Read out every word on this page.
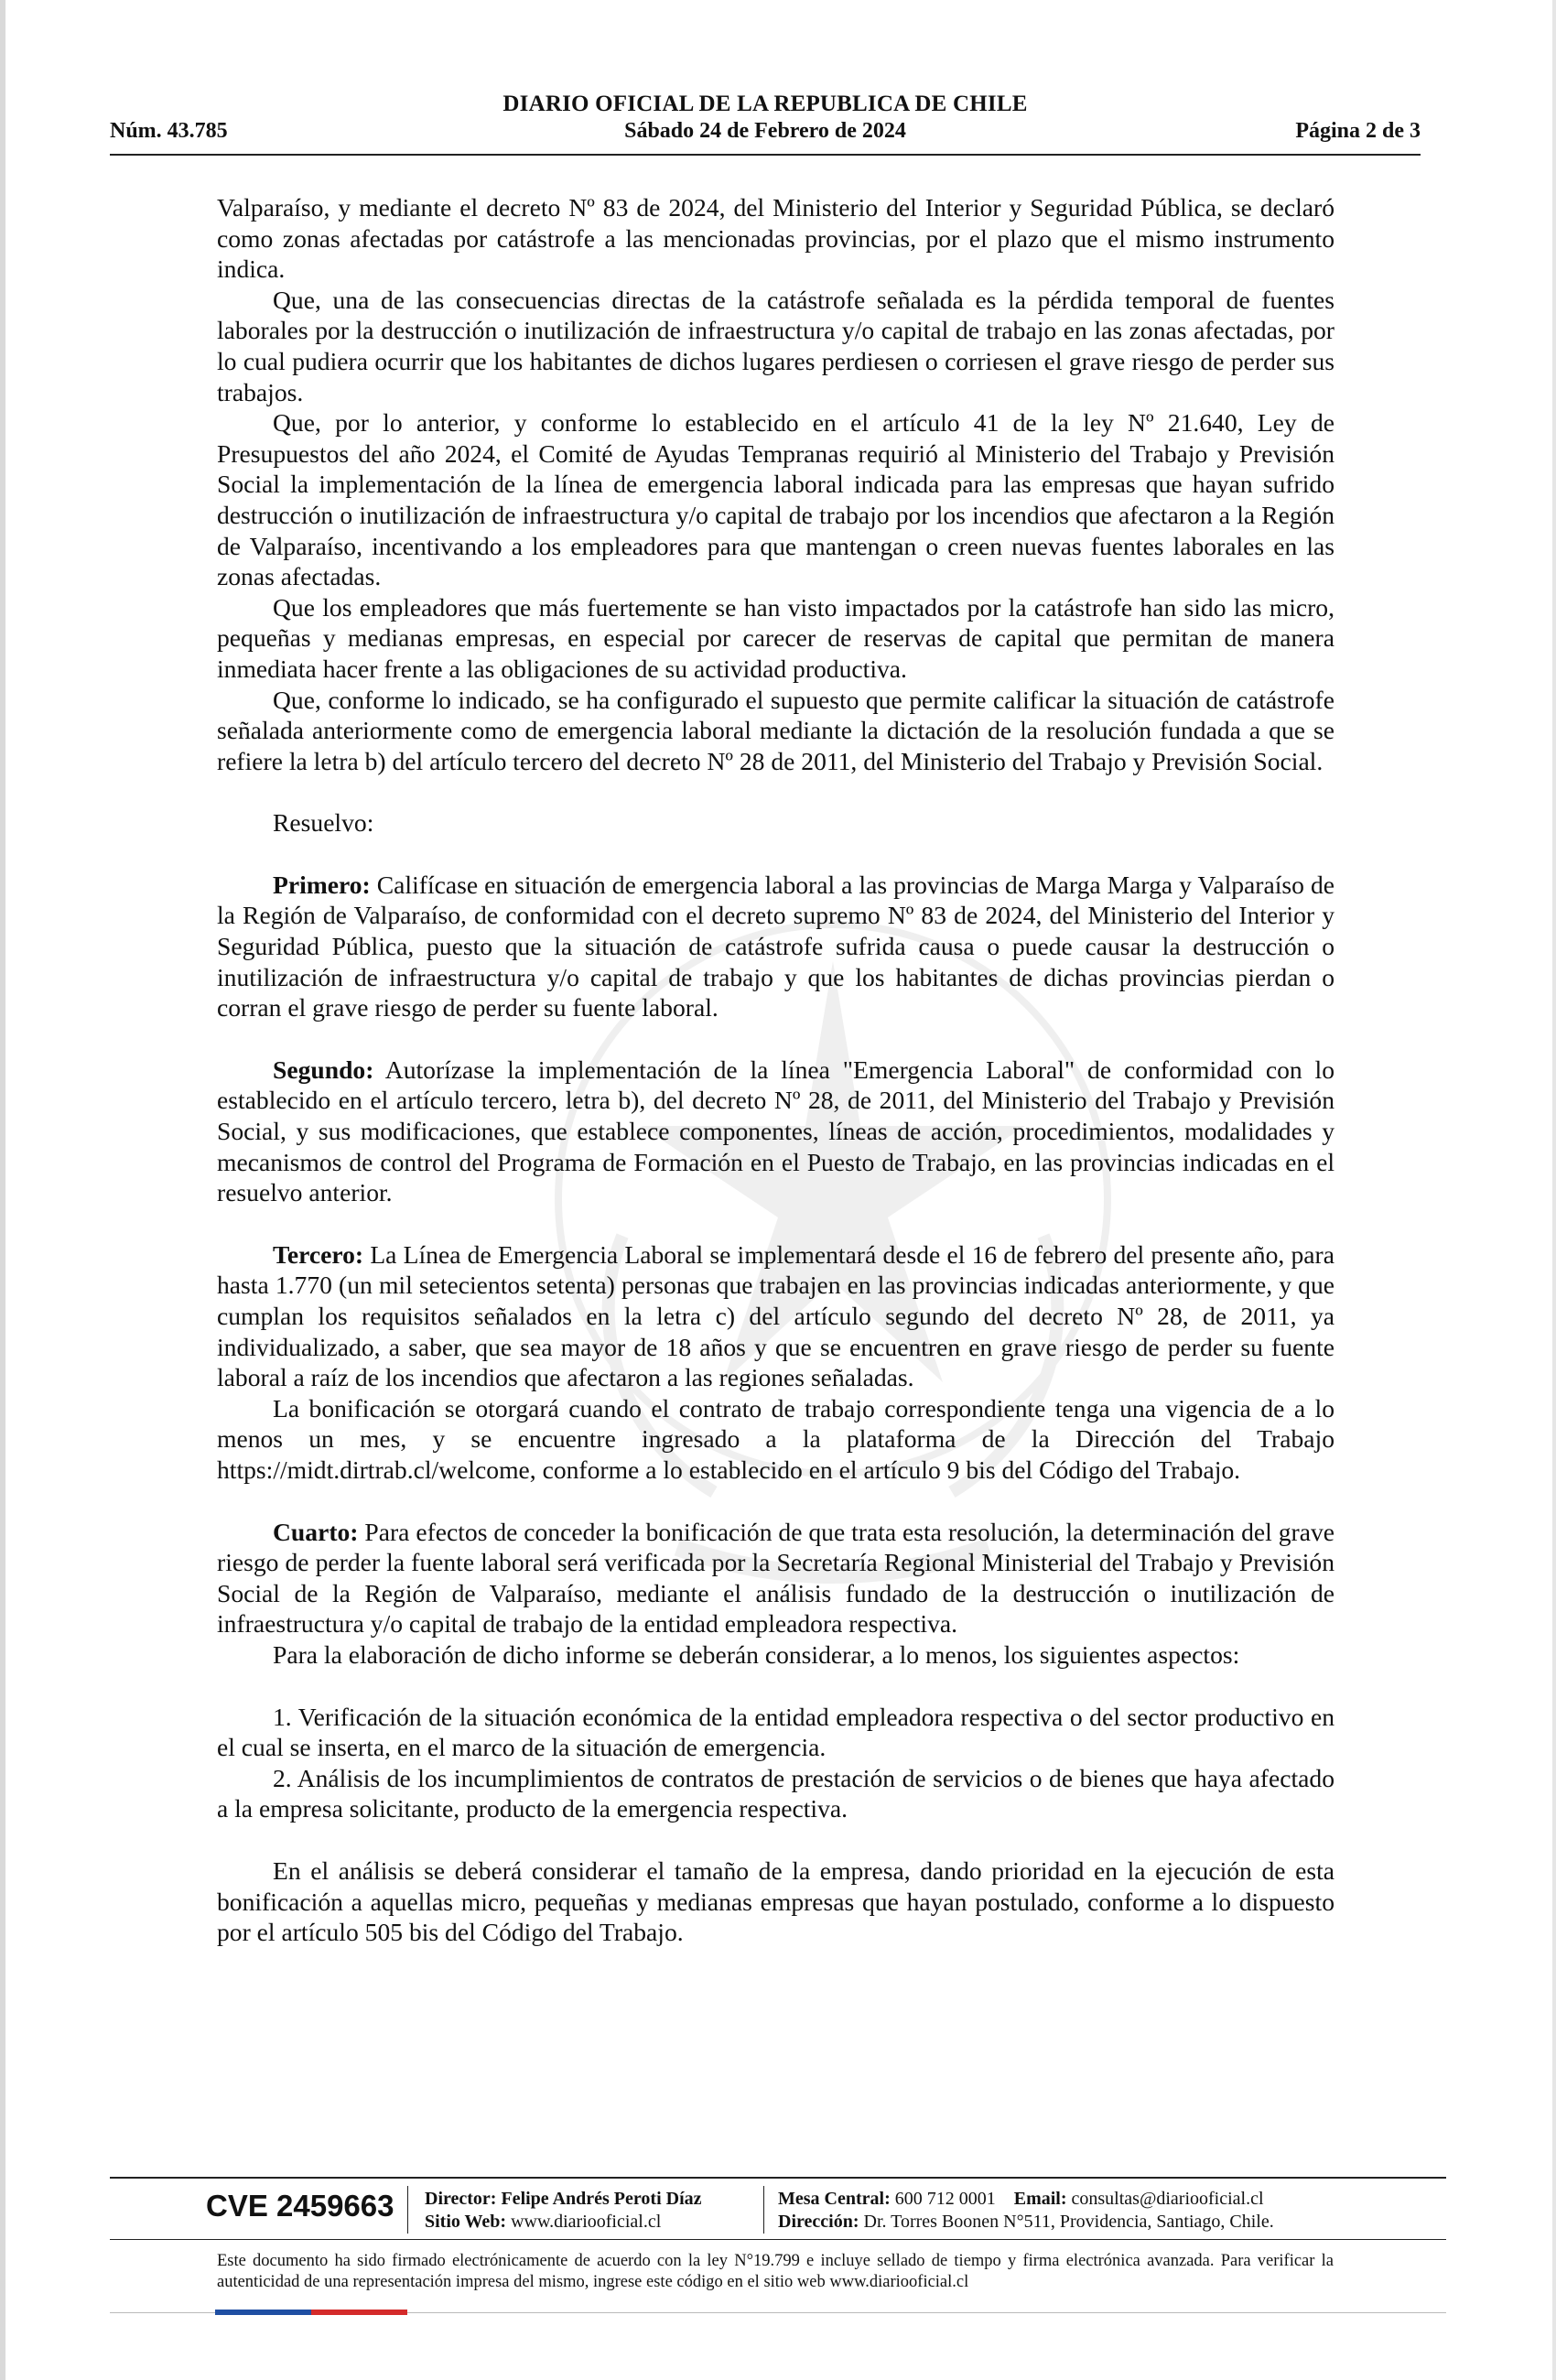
DIARIO OFICIAL DE LA REPUBLICA DE CHILE
Núm. 43.785	Sábado 24 de Febrero de 2024	Página 2 de 3

Valparaíso, y mediante el decreto Nº 83 de 2024, del Ministerio del Interior y Seguridad Pública, se declaró como zonas afectadas por catástrofe a las mencionadas provincias, por el plazo que el mismo instrumento indica.

Que, una de las consecuencias directas de la catástrofe señalada es la pérdida temporal de fuentes laborales por la destrucción o inutilización de infraestructura y/o capital de trabajo en las zonas afectadas, por lo cual pudiera ocurrir que los habitantes de dichos lugares perdiesen o corriesen el grave riesgo de perder sus trabajos.

Que, por lo anterior, y conforme lo establecido en el artículo 41 de la ley Nº 21.640, Ley de Presupuestos del año 2024, el Comité de Ayudas Tempranas requirió al Ministerio del Trabajo y Previsión Social la implementación de la línea de emergencia laboral indicada para las empresas que hayan sufrido destrucción o inutilización de infraestructura y/o capital de trabajo por los incendios que afectaron a la Región de Valparaíso, incentivando a los empleadores para que mantengan o creen nuevas fuentes laborales en las zonas afectadas.

Que los empleadores que más fuertemente se han visto impactados por la catástrofe han sido las micro, pequeñas y medianas empresas, en especial por carecer de reservas de capital que permitan de manera inmediata hacer frente a las obligaciones de su actividad productiva.

Que, conforme lo indicado, se ha configurado el supuesto que permite calificar la situación de catástrofe señalada anteriormente como de emergencia laboral mediante la dictación de la resolución fundada a que se refiere la letra b) del artículo tercero del decreto Nº 28 de 2011, del Ministerio del Trabajo y Previsión Social.

Resuelvo:

Primero: Califícase en situación de emergencia laboral a las provincias de Marga Marga y Valparaíso de la Región de Valparaíso, de conformidad con el decreto supremo Nº 83 de 2024, del Ministerio del Interior y Seguridad Pública, puesto que la situación de catástrofe sufrida causa o puede causar la destrucción o inutilización de infraestructura y/o capital de trabajo y que los habitantes de dichas provincias pierdan o corran el grave riesgo de perder su fuente laboral.

Segundo: Autorízase la implementación de la línea "Emergencia Laboral" de conformidad con lo establecido en el artículo tercero, letra b), del decreto Nº 28, de 2011, del Ministerio del Trabajo y Previsión Social, y sus modificaciones, que establece componentes, líneas de acción, procedimientos, modalidades y mecanismos de control del Programa de Formación en el Puesto de Trabajo, en las provincias indicadas en el resuelvo anterior.

Tercero: La Línea de Emergencia Laboral se implementará desde el 16 de febrero del presente año, para hasta 1.770 (un mil setecientos setenta) personas que trabajen en las provincias indicadas anteriormente, y que cumplan los requisitos señalados en la letra c) del artículo segundo del decreto Nº 28, de 2011, ya individualizado, a saber, que sea mayor de 18 años y que se encuentren en grave riesgo de perder su fuente laboral a raíz de los incendios que afectaron a las regiones señaladas.

La bonificación se otorgará cuando el contrato de trabajo correspondiente tenga una vigencia de a lo menos un mes, y se encuentre ingresado a la plataforma de la Dirección del Trabajo https://midt.dirtrab.cl/welcome, conforme a lo establecido en el artículo 9 bis del Código del Trabajo.

Cuarto: Para efectos de conceder la bonificación de que trata esta resolución, la determinación del grave riesgo de perder la fuente laboral será verificada por la Secretaría Regional Ministerial del Trabajo y Previsión Social de la Región de Valparaíso, mediante el análisis fundado de la destrucción o inutilización de infraestructura y/o capital de trabajo de la entidad empleadora respectiva.

Para la elaboración de dicho informe se deberán considerar, a lo menos, los siguientes aspectos:

1. Verificación de la situación económica de la entidad empleadora respectiva o del sector productivo en el cual se inserta, en el marco de la situación de emergencia.

2. Análisis de los incumplimientos de contratos de prestación de servicios o de bienes que haya afectado a la empresa solicitante, producto de la emergencia respectiva.

En el análisis se deberá considerar el tamaño de la empresa, dando prioridad en la ejecución de esta bonificación a aquellas micro, pequeñas y medianas empresas que hayan postulado, conforme a lo dispuesto por el artículo 505 bis del Código del Trabajo.

CVE 2459663 Director: Felipe Andrés Peroti Díaz
Sitio Web: www.diariooficial.cl
Mesa Central: 600 712 0001 Email: consultas@diariooficial.cl
Dirección: Dr. Torres Boonen N°511, Providencia, Santiago, Chile.
Este documento ha sido firmado electrónicamente de acuerdo con la ley N°19.799 e incluye sellado de tiempo y firma electrónica avanzada. Para verificar la autenticidad de una representación impresa del mismo, ingrese este código en el sitio web www.diariooficial.cl
